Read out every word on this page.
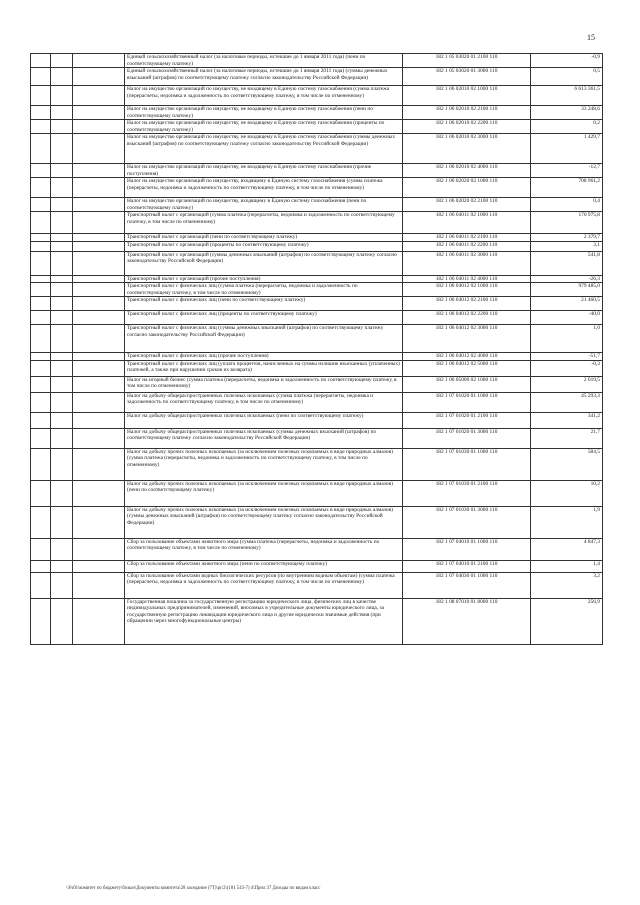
15
			Единый сельскохозяйственный налог (за налоговые периоды, истекшие до 1 января 2011 года) (пени по соответствующему платежу)	182 1 05 03020 01 2100 110	-0,9
			Единый сельскохозяйственный налог (за налоговые периоды, истекшие до 1 января 2011 года) (суммы денежных взысканий (штрафов) по соответствующему платежу согласно законодательству Российской Федерации)	182 1 05 03020 01 3000 110	0,5
			Налог на имущество организаций по имуществу, не входящему в Единую систему газоснабжения (сумма платежа (перерасчеты, недоимка и задолженность по соответствующему платежу, в том числе по отмененному)	182 1 06 02010 02 1000 110	6 613 361,5
			Налог на имущество организаций по имуществу, не входящему в Единую систему газоснабжения (пени по соответствующему платежу)	182 1 06 02010 02 2100 110	33 248,6
			Налог на имущество организаций по имуществу, не входящему в Единую систему газоснабжения (проценты по соответствующему платежу)	182 1 06 02010 02 2200 110	0,2
			Налог на имущество организаций по имуществу, не входящему в Единую систему газоснабжения (суммы денежных взысканий (штрафов) по соответствующему платежу согласно законодательству Российской Федерации)	182 1 06 02010 02 3000 110	1 429,7
			Налог на имущество организаций по имуществу, не входящему в Единую систему газоснабжения (прочие поступления)	182 1 06 02010 02 4000 110	-12,7
			Налог на имущество организаций по имуществу, входящему в Единую систему газоснабжения (сумма платежа (перерасчеты, недоимка и задолженность по соответствующему платежу, в том числе по отмененному)	182 1 06 02020 02 1000 110	708 961,2
			Налог на имущество организаций по имуществу, входящему в Единую систему газоснабжения (пени по соответствующему платежу)	182 1 06 02020 02 2100 110	0,4
			Транспортный налог с организаций (сумма платежа (перерасчеты, недоимка и задолженность по соответствующему платежу, в том числе по отмененному)	182 1 06 04011 02 1000 110	170 975,8
			Транспортный налог с организаций (пени по соответствующему платежу)	182 1 06 04011 02 2100 110	2 379,7
			Транспортный налог с организаций (проценты по соответствующему платежу)	182 1 06 04011 02 2200 110	3,1
			Транспортный налог с организаций (суммы денежных взысканий (штрафов) по соответствующему платежу согласно законодательству Российской Федерации)	182 1 06 04011 02 3000 110	541,8
			Транспортный налог с организаций (прочие поступления)	182 1 06 04011 02 4000 110	-26,3
			Транспортный налог с физических лиц (сумма платежа (перерасчеты, недоимка и задолженность по соответствующему платежу, в том числе по отмененному)	182 1 06 04012 02 1000 110	979 485,0
			Транспортный налог с физических лиц (пени по соответствующему платежу)	182 1 06 04012 02 2100 110	21 460,5
			Транспортный налог с физических лиц (проценты по соответствующему платежу)	182 1 06 04012 02 2200 110	-40,0
			Транспортный налог с физических лиц (суммы денежных взысканий (штрафов) по соответствующему платежу согласно законодательству Российской Федерации)	182 1 06 04012 02 3000 110	1,0
			Транспортный налог с физических лиц (прочие поступления)	182 1 06 04012 02 4000 110	-51,7
			Транспортный налог с физических лиц (уплата процентов, начисленных на суммы излишне взысканных (уплаченных) платежей, а также при нарушении сроков их возврата)	182 1 06 04012 02 5000 110	-0,3
			Налог на игорный бизнес (сумма платежа (перерасчеты, недоимка и задолженность по соответствующему платежу, в том числе по отмененному)	182 1 06 05000 02 1000 110	2 019,5
			Налог на добычу общераспространенных полезных ископаемых (сумма платежа (перерасчеты, недоимка и задолженность по соответствующему платежу, в том числе по отмененному)	182 1 07 01020 01 1000 110	45 293,3
			Налог на добычу общераспространенных полезных ископаемых (пени по соответствующему платежу)	182 1 07 01020 01 2100 110	341,2
			Налог на добычу общераспространенных полезных ископаемых (суммы денежных взысканий (штрафов) по соответствующему платежу согласно законодательству Российской Федерации)	182 1 07 01020 01 3000 110	21,7
			Налог на добычу прочих полезных ископаемых (за исключением полезных ископаемых в виде природных алмазов) (сумма платежа (перерасчеты, недоимка и задолженность по соответствующему платежу, в том числе по отмененному)	182 1 07 01030 01 1000 110	584,5
			Налог на добычу прочих полезных ископаемых (за исключением полезных ископаемых в виде природных алмазов) (пени по соответствующему платежу)	182 1 07 01030 01 2100 110	10,2
			Налог на добычу прочих полезных ископаемых (за исключением полезных ископаемых в виде природных алмазов) (суммы денежных взысканий (штрафов) по соответствующему платежу согласно законодательству Российской Федерации)	182 1 07 01030 01 3000 110	1,9
			Сбор за пользование объектами животного мира (сумма платежа (перерасчеты, недоимка и задолженность по соответствующему платежу, в том числе по отмененному)	182 1 07 04010 01 1000 110	4 847,3
			Сбор за пользование объектами животного мира (пени по соответствующему платежу)	182 1 07 04010 01 2100 110	1,4
			Сбор за пользование объектами водных биологических ресурсов (по внутренним водным объектам) (сумма платежа (перерасчеты, недоимка и задолженность по соответствующему платежу, в том числе по отмененному)	182 1 07 04030 01 1000 110	3,2
			Государственная пошлина за государственную регистрацию юридического лица, физических лиц в качестве индивидуальных предпринимателей, изменений, вносимых в учредительные документы юридического лица, за государственную регистрацию ликвидации юридического лица и другие юридически значимые действия (при обращении через многофункциональные центры)	182 1 08 07010 01 8000 110	256,9
\\Fs01\комитет по бюджету\бозын\Документы комитета\28 заседание (7Т)\pr\2\(181 543-7) 4\Прил 37 Доходы по видам класс
